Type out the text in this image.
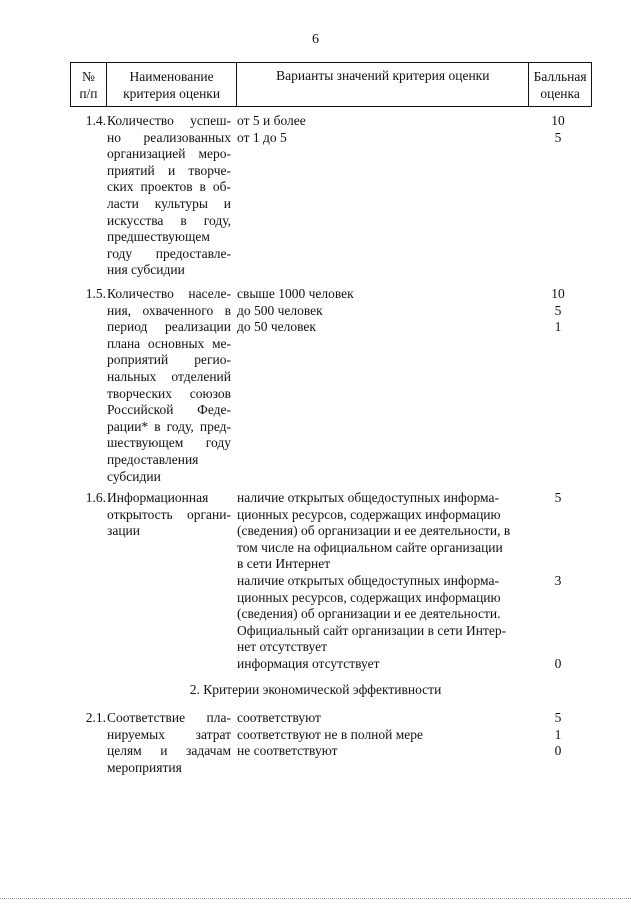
6
№
п/п
Наименование
критерия оценки
Варианты значений критерия оценки	Балльная
оценка
1.4. Количество успеш-
но реализованных
организацией меро-
приятий и творче-
ских проектов в об-
ласти культуры и
искусства в году,
предшествующем
году предоставле-
ния субсидии
от 5 и более
от 1 до 5
10
5
1.5. Количество населе-
ния, охваченного в
период реализации
плана основных ме-
роприятий регио-
нальных отделений
творческих союзов
Российской Феде-
рации* в году, пред-
шествующем году
предоставления
субсидии
свыше 1000 человек
до 500 человек
до 50 человек
10
5
1
1.6. Информационная
открытость органи-
зации
наличие открытых общедоступных информа-
ционных ресурсов, содержащих информацию
(сведения) об организации и ее деятельности, в
том числе на официальном сайте организации
в сети Интернет
наличие открытых общедоступных информа-
ционных ресурсов, содержащих информацию
(сведения) об организации и ее деятельности.
Официальный сайт организации в сети Интер-
нет отсутствует
информация отсутствует
5
3
0
2. Критерии экономической эффективности
2.1. Соответствие пла-
нируемых затрат
целям и задачам
мероприятия
соответствуют
соответствуют не в полной мере
не соответствуют
5
1
0
